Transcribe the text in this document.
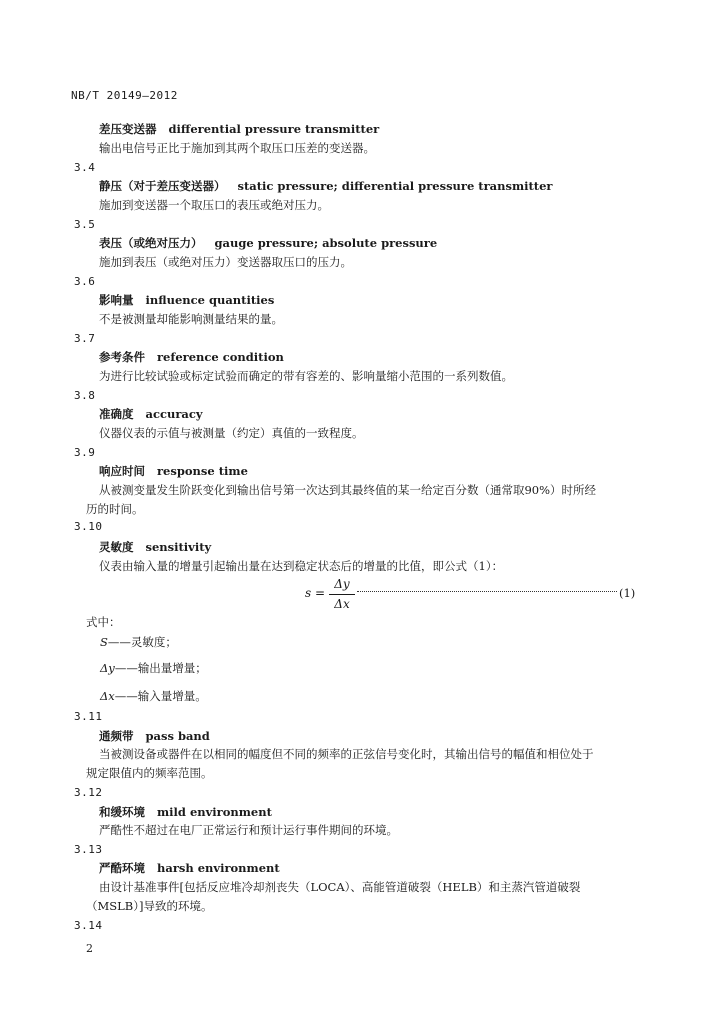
NB/T 20149—2012
差压变送器 differential pressure transmitter
输出电信号正比于施加到其两个取压口压差的变送器。
3.4
静压（对于差压变送器） static pressure; differential pressure transmitter
施加到变送器一个取压口的表压或绝对压力。
3.5
表压（或绝对压力） gauge pressure; absolute pressure
施加到表压（或绝对压力）变送器取压口的压力。
3.6
影响量 influence quantities
不是被测量却能影响测量结果的量。
3.7
参考条件 reference condition
为进行比较试验或标定试验而确定的带有容差的、影响量缩小范围的一系列数值。
3.8
准确度 accuracy
仪器仪表的示值与被测量（约定）真值的一致程度。
3.9
响应时间 response time
从被测变量发生阶跃变化到输出信号第一次达到其最终值的某一给定百分数（通常取90%）时所经
历的时间。
3.10
灵敏度 sensitivity
仪表由输入量的增量引起输出量在达到稳定状态后的增量的比值，即公式（1）：
s =
Δy
Δx
(1)
式中：
S——灵敏度；
Δy——输出量增量；
Δx——输入量增量。
3.11
通频带 pass band
当被测设备或器件在以相同的幅度但不同的频率的正弦信号变化时，其输出信号的幅值和相位处于
规定限值内的频率范围。
3.12
和缓环境 mild environment
严酷性不超过在电厂正常运行和预计运行事件期间的环境。
3.13
严酷环境 harsh environment
由设计基准事件[包括反应堆冷却剂丧失（LOCA）、高能管道破裂（HELB）和主蒸汽管道破裂
（MSLB）]导致的环境。
3.14
2
